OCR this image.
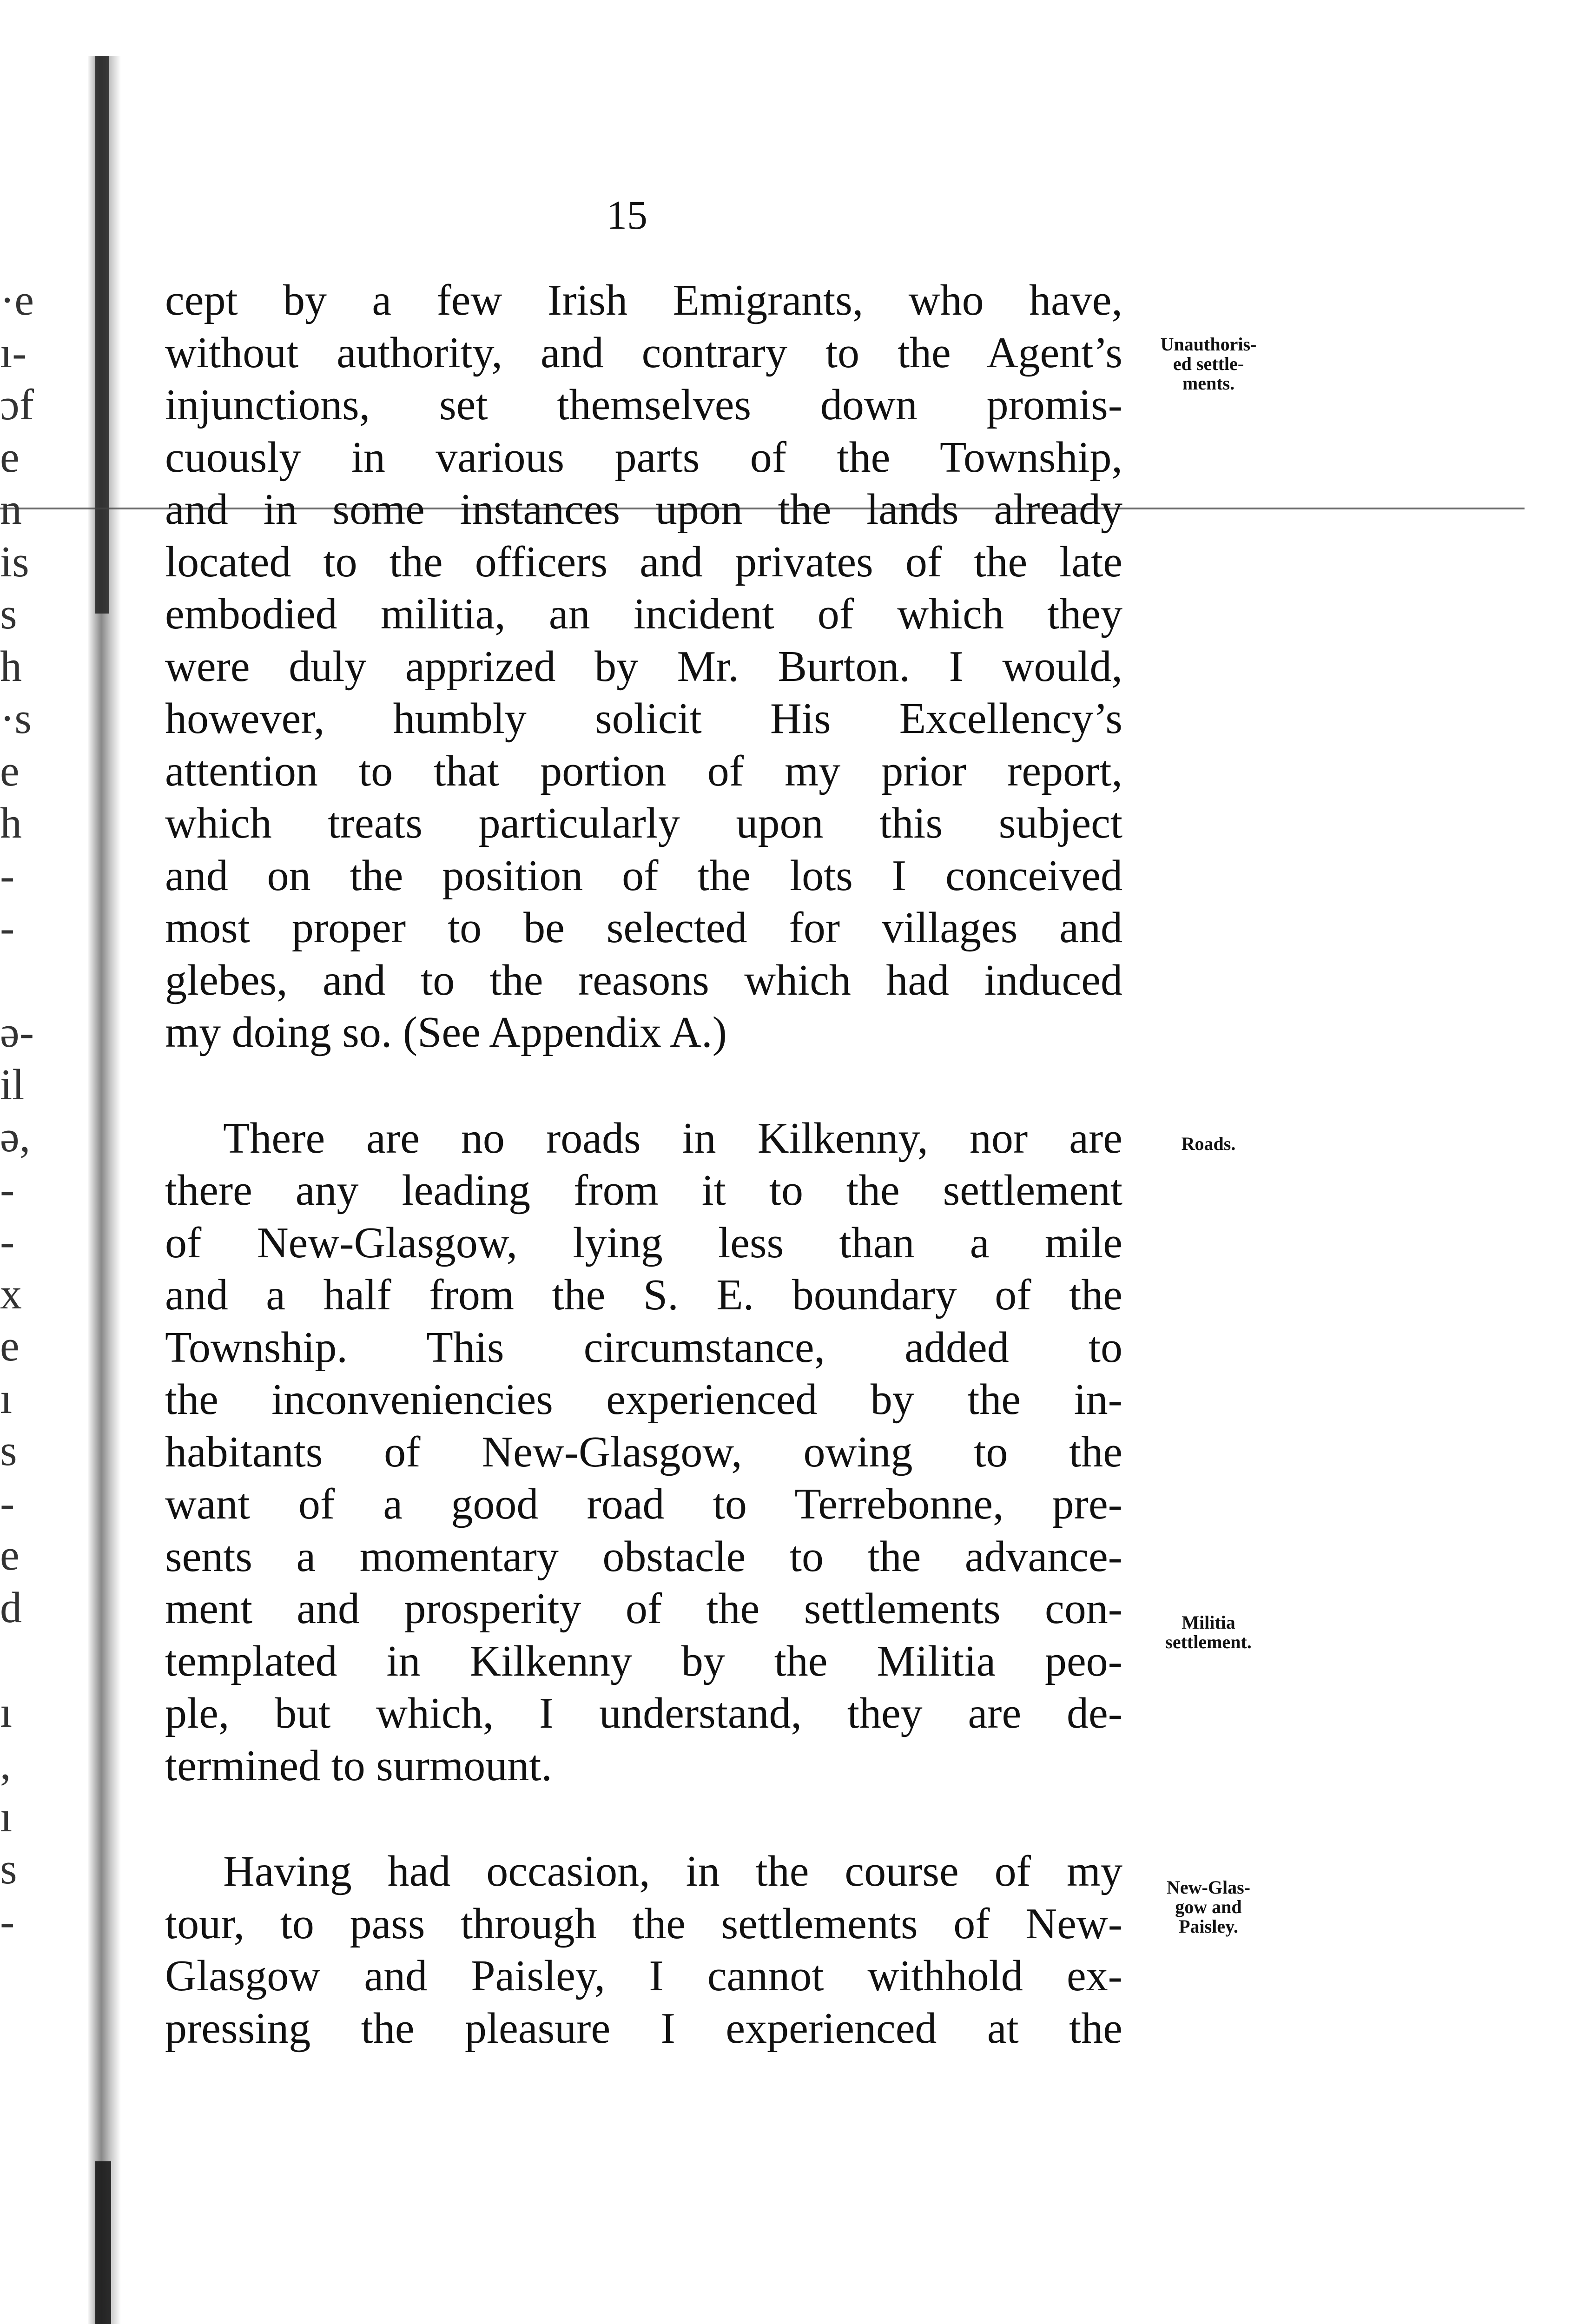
·e
ı-
ɔf
e
n
is
s
h
·s
e
h
-
-
ə-
il
ə,
-
-
x
e
ı
s
-
e
d
ı
,
ı
s
-
15
cept by a few Irish Emigrants, who have,
without authority, and contrary to the Agent’s
injunctions, set themselves down promis-
cuously in various parts of the Township,
and in some instances upon the lands already
located to the officers and privates of the late
embodied militia, an incident of which they
were duly apprized by Mr. Burton. I would,
however, humbly solicit His Excellency’s
attention to that portion of my prior report,
which treats particularly upon this subject
and on the position of the lots I conceived
most proper to be selected for villages and
glebes, and to the reasons which had induced
my doing so. (See Appendix A.)
There are no roads in Kilkenny, nor are
there any leading from it to the settlement
of New-Glasgow, lying less than a mile
and a half from the S. E. boundary of the
Township. This circumstance, added to
the inconveniencies experienced by the in-
habitants of New-Glasgow, owing to the
want of a good road to Terrebonne, pre-
sents a momentary obstacle to the advance-
ment and prosperity of the settlements con-
templated in Kilkenny by the Militia peo-
ple, but which, I understand, they are de-
termined to surmount.
Having had occasion, in the course of my
tour, to pass through the settlements of New-
Glasgow and Paisley, I cannot withhold ex-
pressing the pleasure I experienced at the
Unauthoris-
ed settle-
ments.
Roads.
Militia
settlement.
New-Glas-
gow and
Paisley.
